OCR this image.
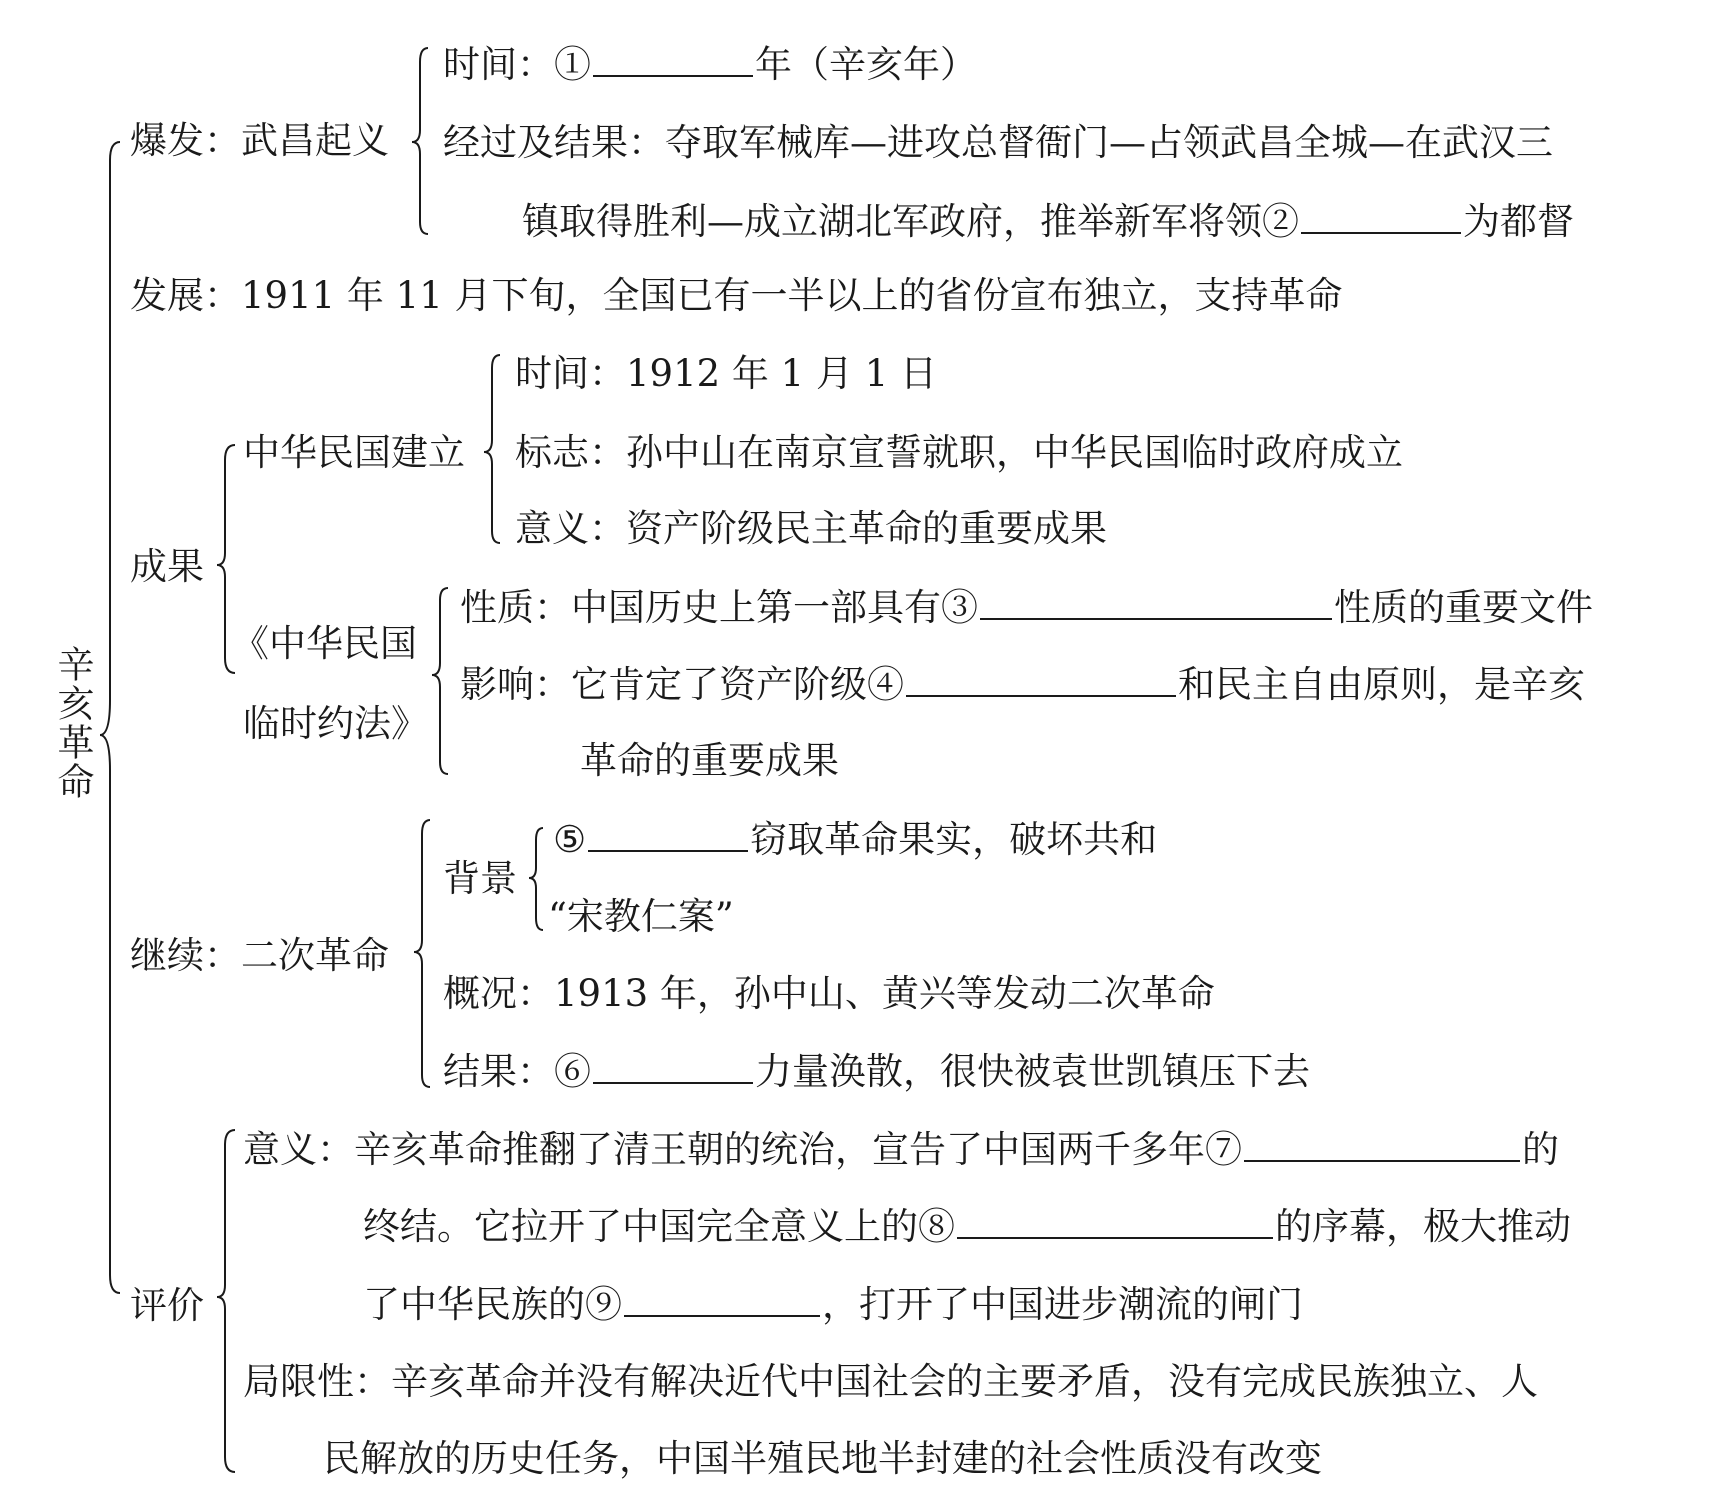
辛亥革命
爆发：武昌起义
时间：①	年（辛亥年）
经过及结果：夺取军械库—进攻总督衙门—占领武昌全城—在武汉三
镇取得胜利—成立湖北军政府，推举新军将领②	为都督
发展：1911 年 11 月下旬，全国已有一半以上的省份宣布独立，支持革命
成果
中华民国建立
时间：1912 年 1 月 1 日
标志：孙中山在南京宣誓就职，中华民国临时政府成立
意义：资产阶级民主革命的重要成果
《中华民国
临时约法》
性质：中国历史上第一部具有③	性质的重要文件
影响：它肯定了资产阶级④	和民主自由原则，是辛亥
革命的重要成果
继续：二次革命
背景
⑤	窃取革命果实，破坏共和
“宋教仁案”
概况：1913 年，孙中山、黄兴等发动二次革命
结果：⑥	力量涣散，很快被袁世凯镇压下去
评价
意义：辛亥革命推翻了清王朝的统治，宣告了中国两千多年⑦	的
终结。它拉开了中国完全意义上的⑧	的序幕，极大推动
了中华民族的⑨	，打开了中国进步潮流的闸门
局限性：辛亥革命并没有解决近代中国社会的主要矛盾，没有完成民族独立、人
民解放的历史任务，中国半殖民地半封建的社会性质没有改变
